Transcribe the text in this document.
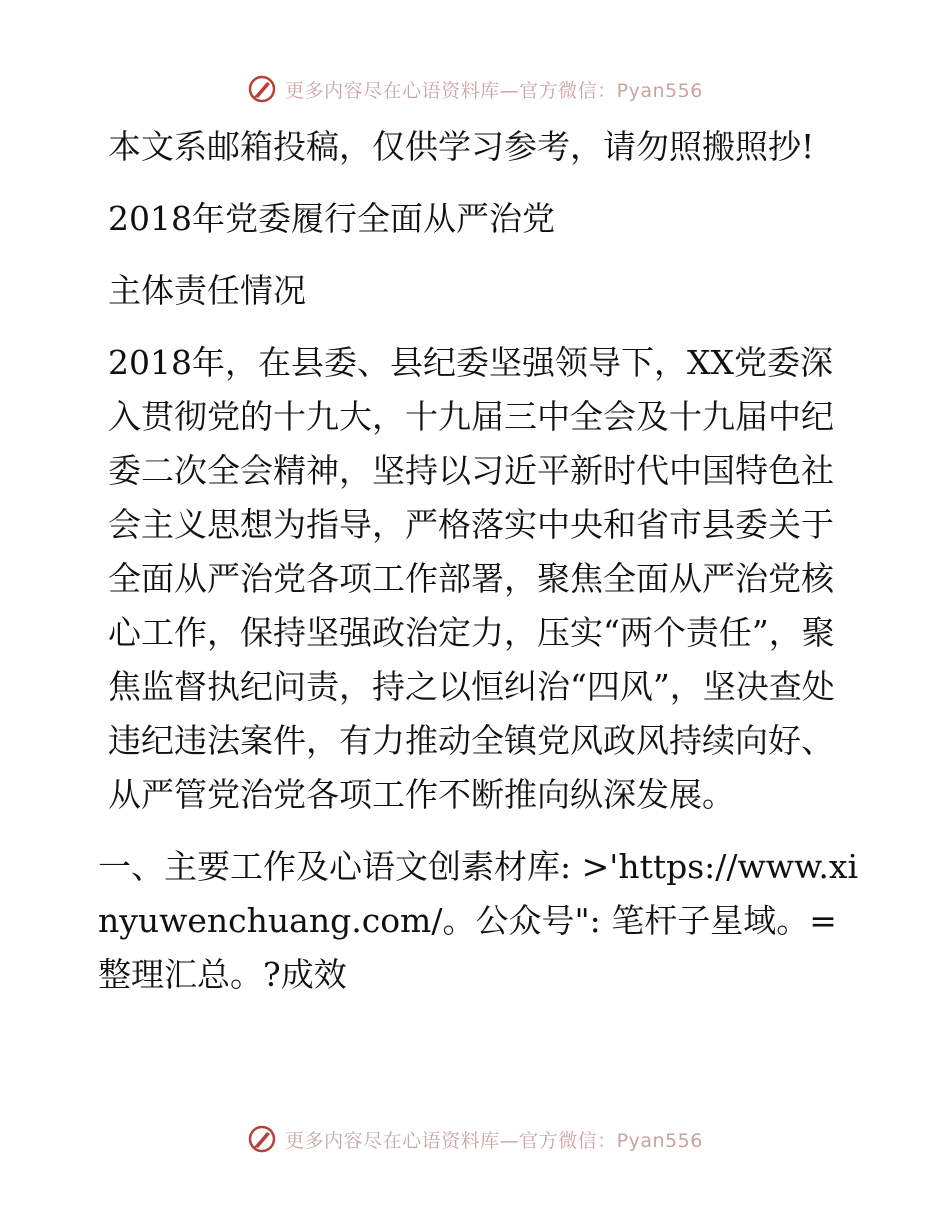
更多内容尽在心语资料库—官方微信：Pyan556

本文系邮箱投稿，仅供学习参考，请勿照搬照抄!

2018年党委履行全面从严治党

主体责任情况

2018年，在县委、县纪委坚强领导下，XX党委深入贯彻党的十九大，十九届三中全会及十九届中纪委二次全会精神，坚持以习近平新时代中国特色社会主义思想为指导，严格落实中央和省市县委关于全面从严治党各项工作部署，聚焦全面从严治党核心工作，保持坚强政治定力，压实“两个责任”，聚焦监督执纪问责，持之以恒纠治“四风”，坚决查处违纪违法案件，有力推动全镇党风政风持续向好、从严管党治党各项工作不断推向纵深发展。

一、主要工作及心语文创素材库: >'https://www.xinyuwenchuang.com/。公众号": 笔杆子星域。=整理汇总。?成效

更多内容尽在心语资料库—官方微信：Pyan556
